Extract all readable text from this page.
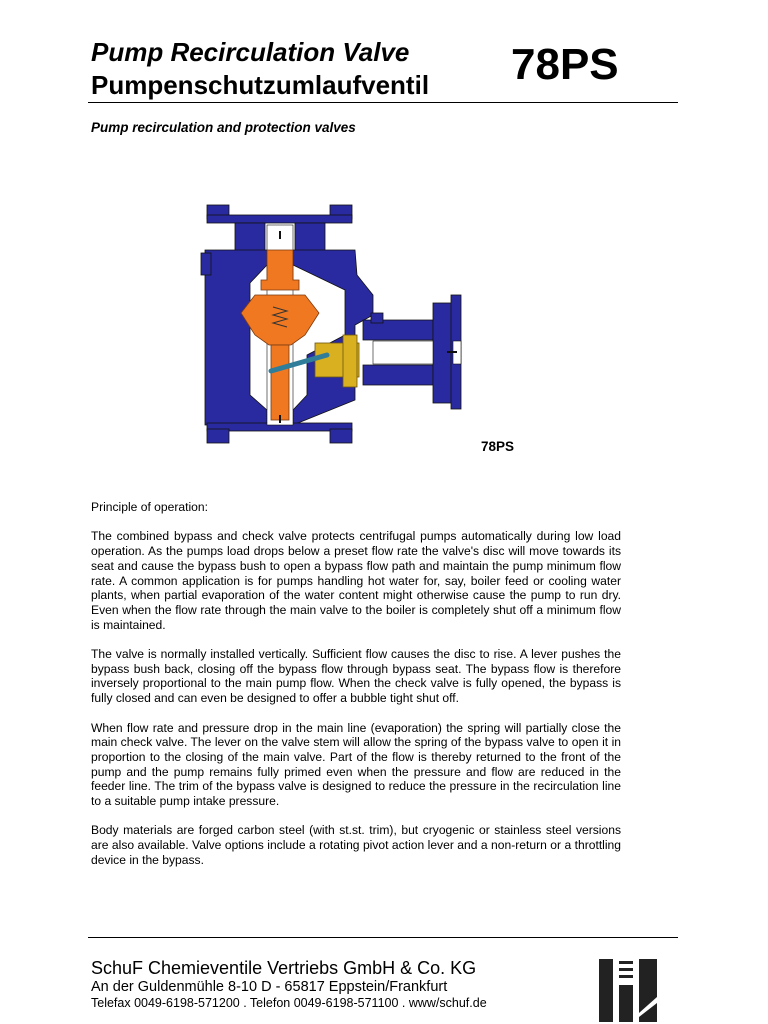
Pump Recirculation Valve
Pumpenschutzumlaufventil 78PS
Pump recirculation and protection valves
78PS

Principle of operation:

The combined bypass and check valve protects centrifugal pumps automatically during low load operation. As the pumps load drops below a preset flow rate the valve's disc will move towards its seat and cause the bypass bush to open a bypass flow path and maintain the pump minimum flow rate. A common application is for pumps handling hot water for, say, boiler feed or cooling water plants, when partial evaporation of the water content might otherwise cause the pump to run dry. Even when the flow rate through the main valve to the boiler is completely shut off a minimum flow is maintained.

The valve is normally installed vertically. Sufficient flow causes the disc to rise. A lever pushes the bypass bush back, closing off the bypass flow through bypass seat. The bypass flow is therefore inversely proportional to the main pump flow. When the check valve is fully opened, the bypass is fully closed and can even be designed to offer a bubble tight shut off.

When flow rate and pressure drop in the main line (evaporation) the spring will partially close the main check valve. The lever on the valve stem will allow the spring of the bypass valve to open it in proportion to the closing of the main valve. Part of the flow is thereby returned to the front of the pump and the pump remains fully primed even when the pressure and flow are reduced in the feeder line. The trim of the bypass valve is designed to reduce the pressure in the recirculation line to a suitable pump intake pressure.

Body materials are forged carbon steel (with st.st. trim), but cryogenic or stainless steel versions are also available. Valve options include a rotating pivot action lever and a non-return or a throttling device in the bypass.

SchuF Chemieventile Vertriebs GmbH & Co. KG
An der Guldenmühle 8-10 D - 65817 Eppstein/Frankfurt
Telefax 0049-6198-571200 . Telefon 0049-6198-571100 . www/schuf.de
